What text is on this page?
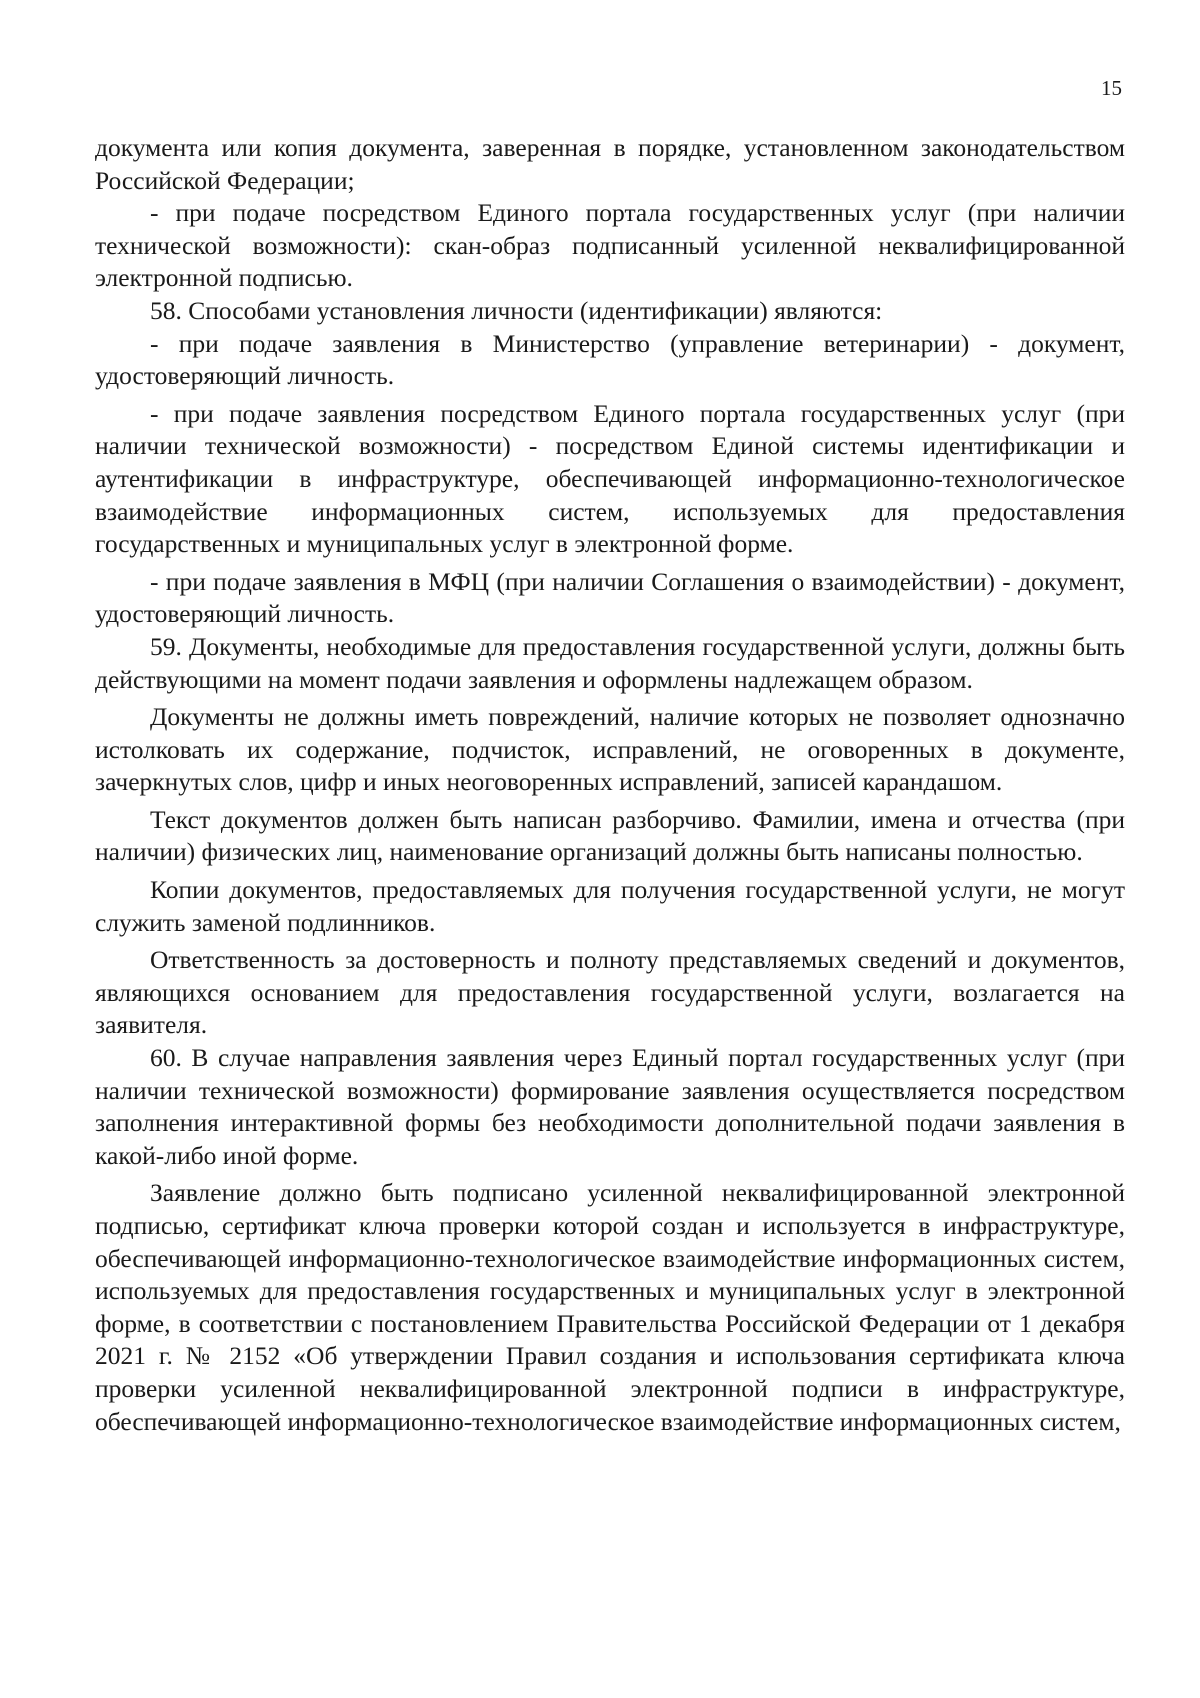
15

документа или копия документа, заверенная в порядке, установленном законодательством Российской Федерации;

- при подаче посредством Единого портала государственных услуг (при наличии технической возможности): скан-образ подписанный усиленной неквалифицированной электронной подписью.

58. Способами установления личности (идентификации) являются:

- при подаче заявления в Министерство (управление ветеринарии) - документ, удостоверяющий личность.

- при подаче заявления посредством Единого портала государственных услуг (при наличии технической возможности) - посредством Единой системы идентификации и аутентификации в инфраструктуре, обеспечивающей информационно-технологическое взаимодействие информационных систем, используемых для предоставления государственных и муниципальных услуг в электронной форме.

- при подаче заявления в МФЦ (при наличии Соглашения о взаимодействии) - документ, удостоверяющий личность.

59. Документы, необходимые для предоставления государственной услуги, должны быть действующими на момент подачи заявления и оформлены надлежащем образом.

Документы не должны иметь повреждений, наличие которых не позволяет однозначно истолковать их содержание, подчисток, исправлений, не оговоренных в документе, зачеркнутых слов, цифр и иных неоговоренных исправлений, записей карандашом.

Текст документов должен быть написан разборчиво. Фамилии, имена и отчества (при наличии) физических лиц, наименование организаций должны быть написаны полностью.

Копии документов, предоставляемых для получения государственной услуги, не могут служить заменой подлинников.

Ответственность за достоверность и полноту представляемых сведений и документов, являющихся основанием для предоставления государственной услуги, возлагается на заявителя.

60. В случае направления заявления через Единый портал государственных услуг (при наличии технической возможности) формирование заявления осуществляется посредством заполнения интерактивной формы без необходимости дополнительной подачи заявления в какой-либо иной форме.

Заявление должно быть подписано усиленной неквалифицированной электронной подписью, сертификат ключа проверки которой создан и используется в инфраструктуре, обеспечивающей информационно-технологическое взаимодействие информационных систем, используемых для предоставления государственных и муниципальных услуг в электронной форме, в соответствии с постановлением Правительства Российской Федерации от 1 декабря 2021 г. № 2152 «Об утверждении Правил создания и использования сертификата ключа проверки усиленной неквалифицированной электронной подписи в инфраструктуре, обеспечивающей информационно-технологическое взаимодействие информационных систем,
